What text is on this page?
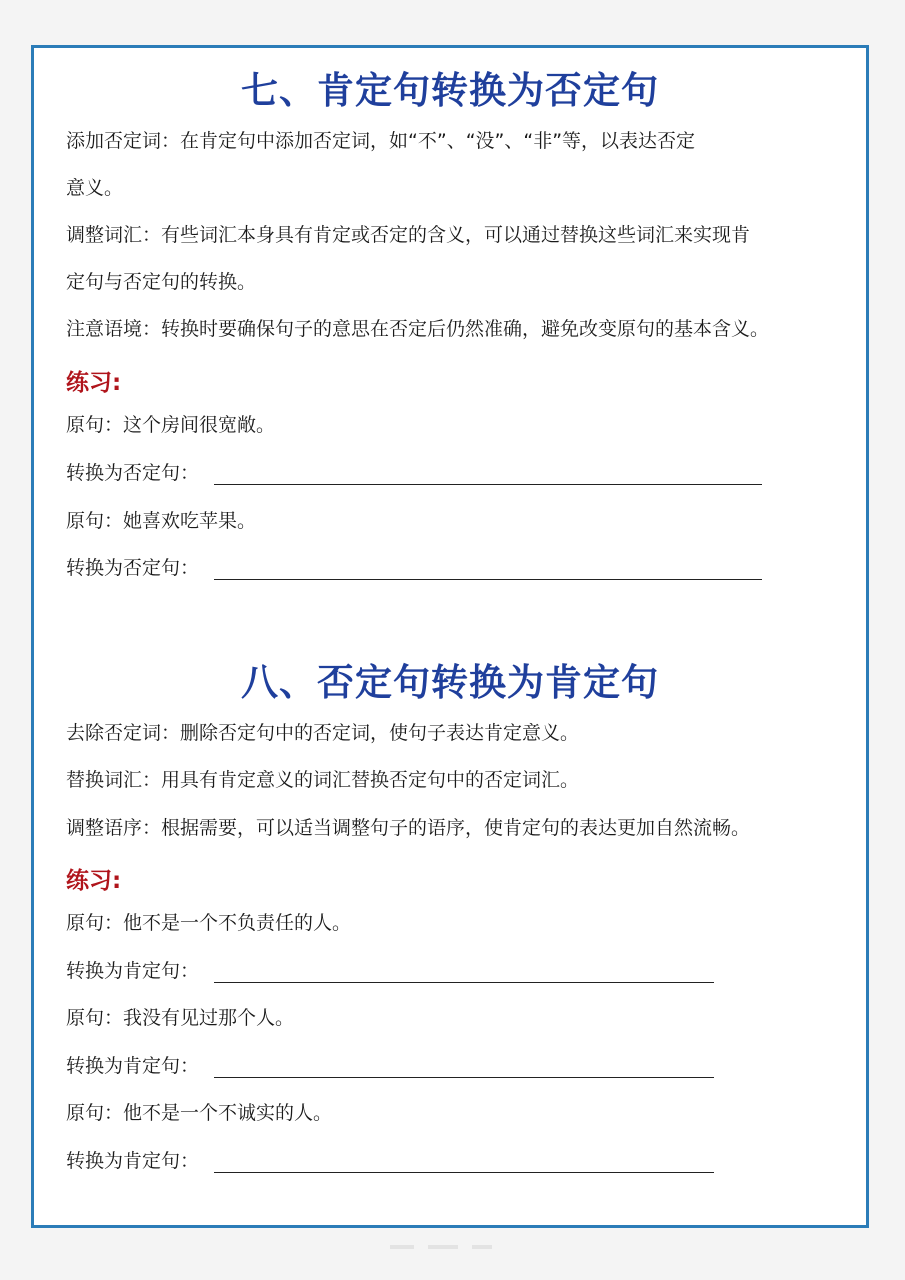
七、肯定句转换为否定句
添加否定词：在肯定句中添加否定词，如“不”、“没”、“非”等，以表达否定
意义。
调整词汇：有些词汇本身具有肯定或否定的含义，可以通过替换这些词汇来实现肯
定句与否定句的转换。
注意语境：转换时要确保句子的意思在否定后仍然准确，避免改变原句的基本含义。
练习:
原句：这个房间很宽敞。
转换为否定句：
原句：她喜欢吃苹果。
转换为否定句：
八、否定句转换为肯定句
去除否定词：删除否定句中的否定词，使句子表达肯定意义。
替换词汇：用具有肯定意义的词汇替换否定句中的否定词汇。
调整语序：根据需要，可以适当调整句子的语序，使肯定句的表达更加自然流畅。
练习:
原句：他不是一个不负责任的人。
转换为肯定句：
原句：我没有见过那个人。
转换为肯定句：
原句：他不是一个不诚实的人。
转换为肯定句：
